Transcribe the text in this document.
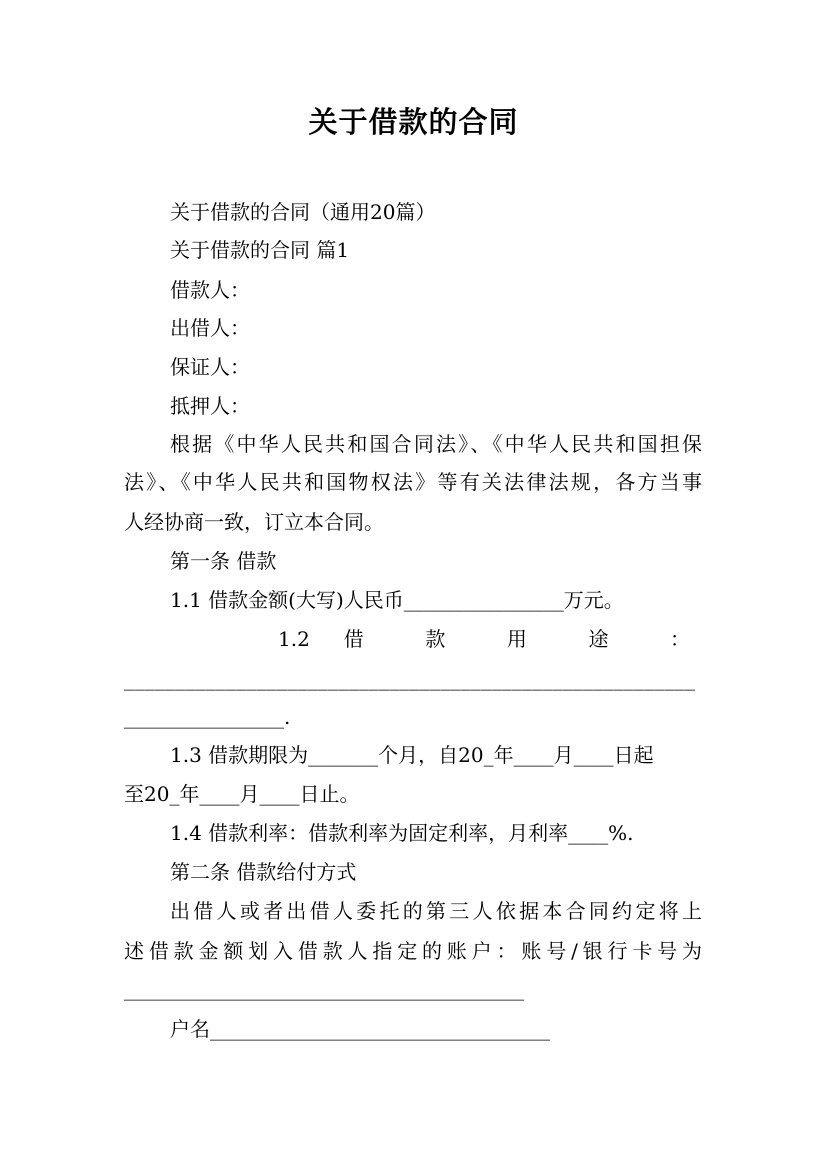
关于借款的合同
关于借款的合同（通用20篇）
关于借款的合同 篇1
借款人：
出借人：
保证人：
抵押人：
根据《中华人民共和国合同法》、《中华人民共和国担保
法》、《中华人民共和国物权法》等有关法律法规，各方当事
人经协商一致，订立本合同。
第一条 借款
1.1 借款金额(大写)人民币________________万元。
1.2 借 款 用 途 ：
________________________________________________________
________________.
1.3 借款期限为_______个月，自20_年____月____日起
至20_年____月____日止。
1.4 借款利率：借款利率为固定利率，月利率____%.
第二条 借款给付方式
出借人或者出借人委托的第三人依据本合同约定将上
述借款金额划入借款人指定的账户：账号/银行卡号为
________________________________________
户名__________________________________
